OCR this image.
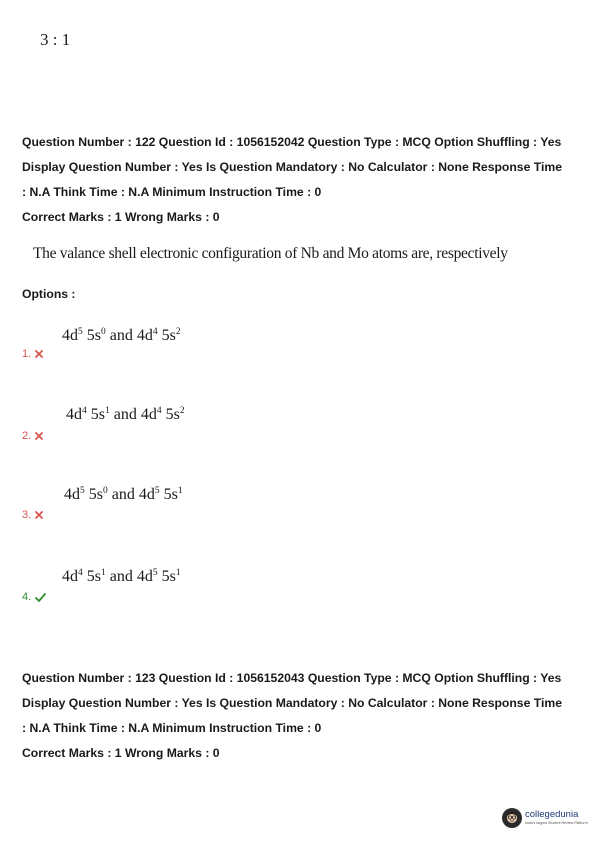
3 : 1
Question Number : 122 Question Id : 1056152042 Question Type : MCQ Option Shuffling : Yes
Display Question Number : Yes Is Question Mandatory : No Calculator : None Response Time
: N.A Think Time : N.A Minimum Instruction Time : 0
Correct Marks : 1 Wrong Marks : 0
The valance shell electronic configuration of Nb and Mo atoms are, respectively
Options :
$4d^5$ $5s^0$ and $4d^4$ $5s^2$
1.
$4d^4$ $5s^1$ and $4d^4$ $5s^2$
2.
$4d^5$ $5s^0$ and $4d^5$ $5s^1$
3.
$4d^4$ $5s^1$ and $4d^5$ $5s^1$
4.
Question Number : 123 Question Id : 1056152043 Question Type : MCQ Option Shuffling : Yes
Display Question Number : Yes Is Question Mandatory : No Calculator : None Response Time
: N.A Think Time : N.A Minimum Instruction Time : 0
Correct Marks : 1 Wrong Marks : 0
collegedunia
India's largest Student Review Platform
